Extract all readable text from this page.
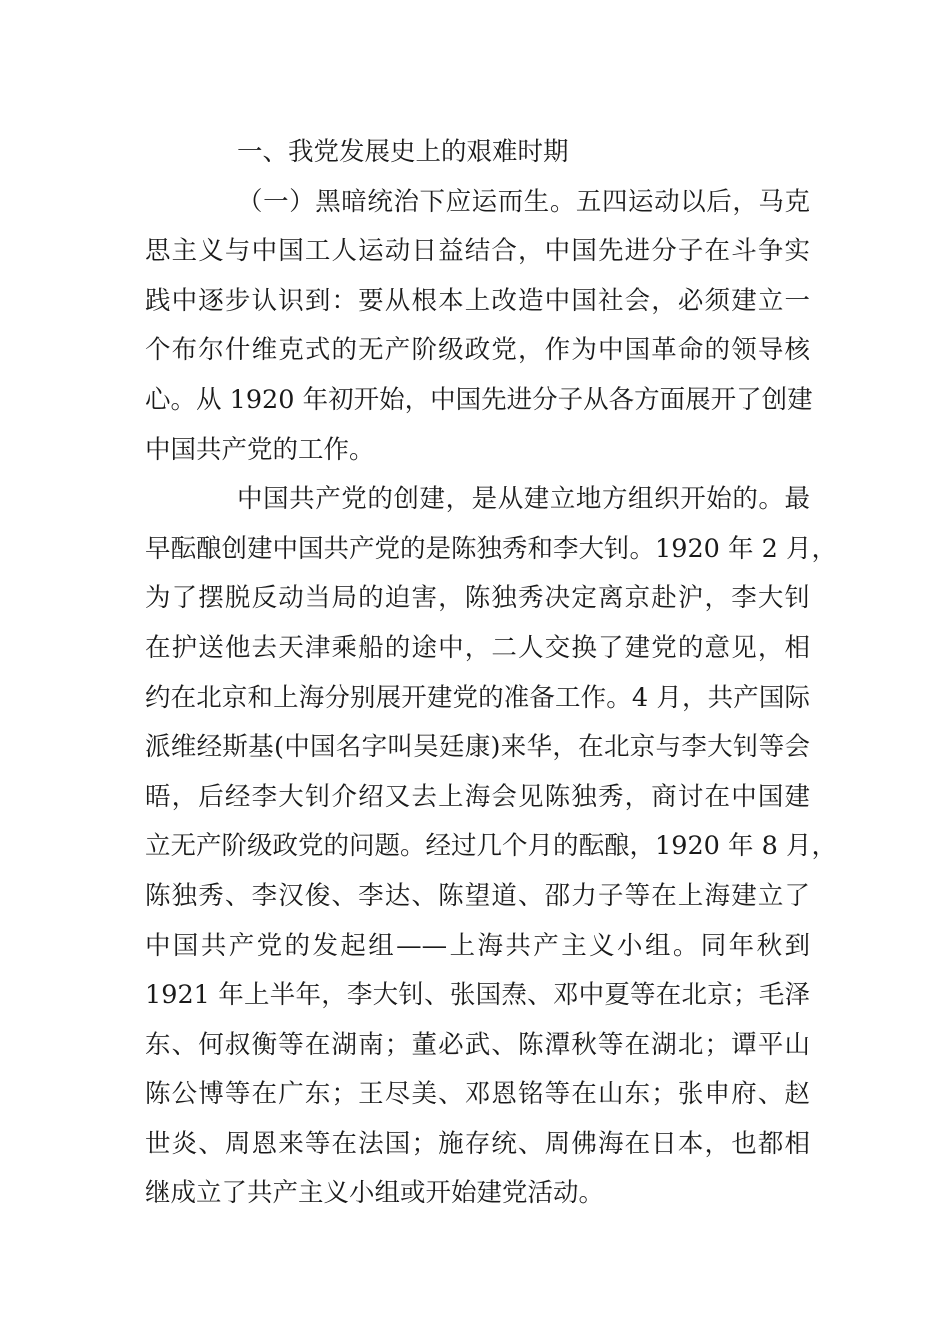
一、我党发展史上的艰难时期
（一）黑暗统治下应运而生。五四运动以后，马克
思主义与中国工人运动日益结合，中国先进分子在斗争实
践中逐步认识到：要从根本上改造中国社会，必须建立一
个布尔什维克式的无产阶级政党，作为中国革命的领导核
心。从 1920 年初开始，中国先进分子从各方面展开了创建
中国共产党的工作。
中国共产党的创建，是从建立地方组织开始的。最
早酝酿创建中国共产党的是陈独秀和李大钊。1920 年 2 月，
为了摆脱反动当局的迫害，陈独秀决定离京赴沪，李大钊
在护送他去天津乘船的途中，二人交换了建党的意见，相
约在北京和上海分别展开建党的准备工作。4 月，共产国际
派维经斯基(中国名字叫吴廷康)来华，在北京与李大钊等会
晤，后经李大钊介绍又去上海会见陈独秀，商讨在中国建
立无产阶级政党的问题。经过几个月的酝酿，1920 年 8 月，
陈独秀、李汉俊、李达、陈望道、邵力子等在上海建立了
中国共产党的发起组——上海共产主义小组。同年秋到
1921 年上半年，李大钊、张国焘、邓中夏等在北京；毛泽
东、何叔衡等在湖南；董必武、陈潭秋等在湖北；谭平山
陈公博等在广东；王尽美、邓恩铭等在山东；张申府、赵
世炎、周恩来等在法国；施存统、周佛海在日本，也都相
继成立了共产主义小组或开始建党活动。
